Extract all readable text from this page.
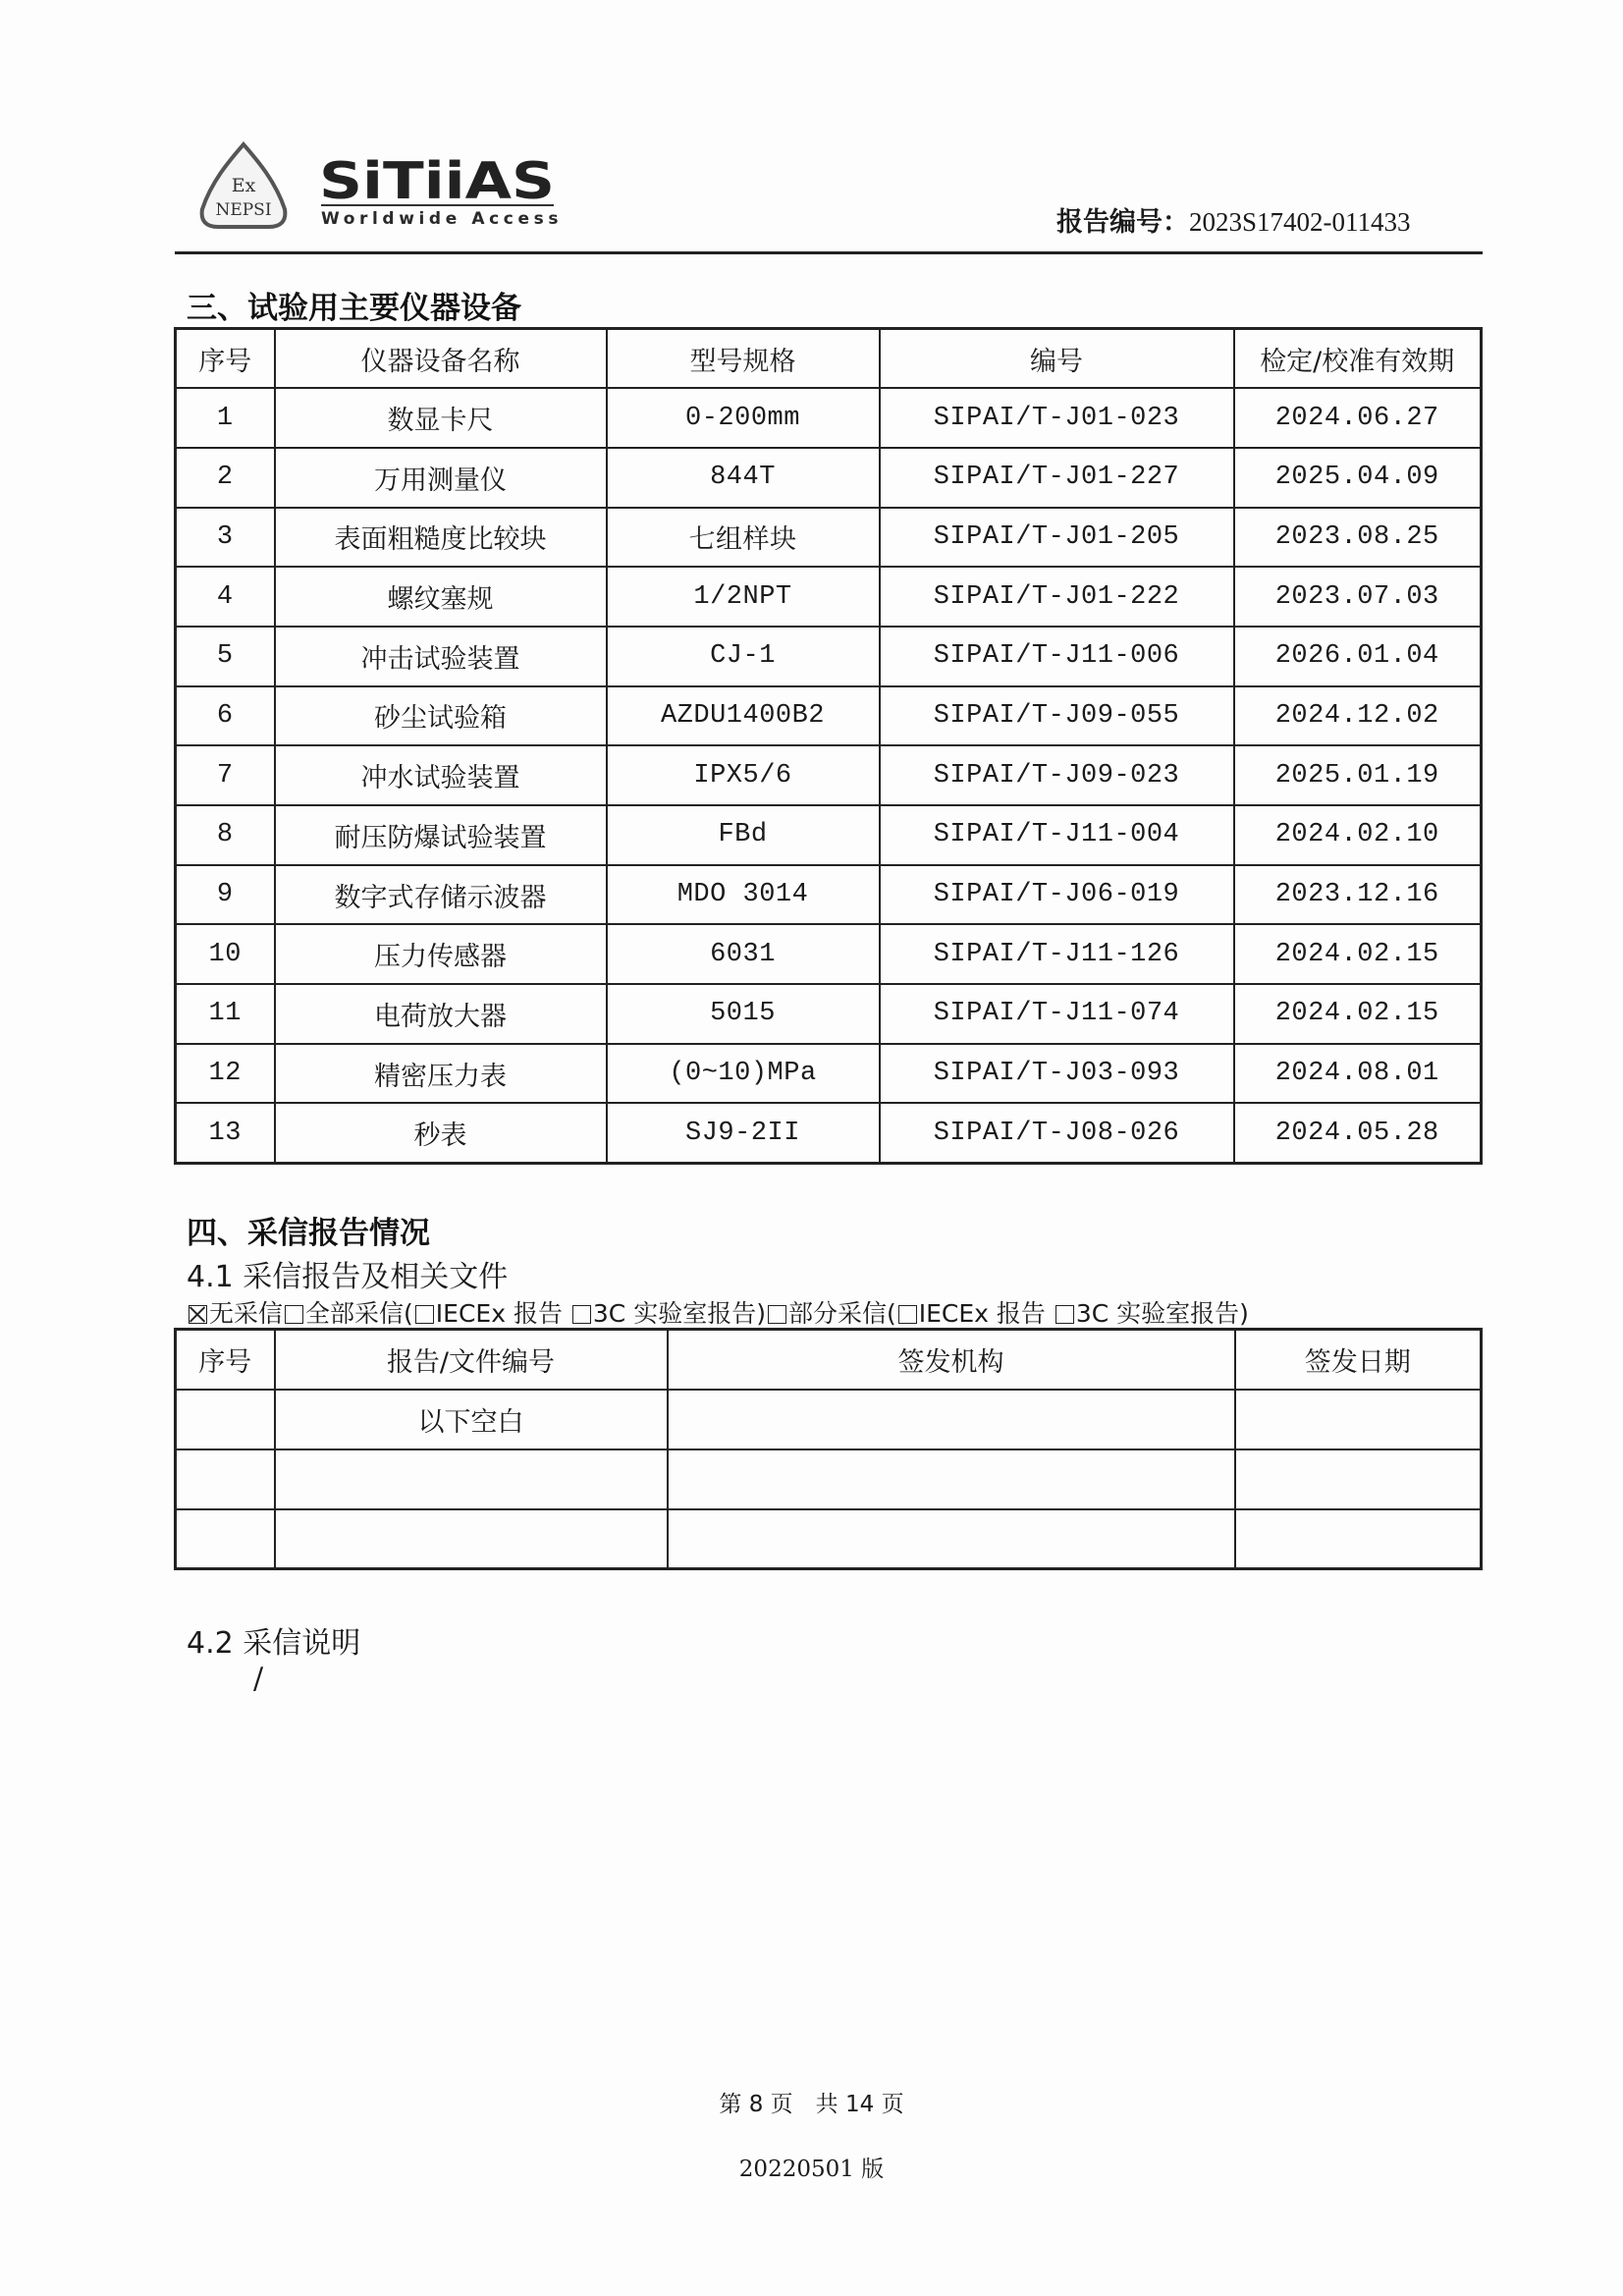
Ex
NEPSI SiTiiAS
Worldwide Access	报告编号：2023S17402-011433
三、试验用主要仪器设备
序号	仪器设备名称	型号规格	编号	检定/校准有效期
1	数显卡尺	0-200mm	SIPAI/T-J01-023	2024.06.27
2	万用测量仪	844T	SIPAI/T-J01-227	2025.04.09
3	表面粗糙度比较块	七组样块	SIPAI/T-J01-205	2023.08.25
4	螺纹塞规	1/2NPT	SIPAI/T-J01-222	2023.07.03
5	冲击试验装置	CJ-1	SIPAI/T-J11-006	2026.01.04
6	砂尘试验箱	AZDU1400B2	SIPAI/T-J09-055	2024.12.02
7	冲水试验装置	IPX5/6	SIPAI/T-J09-023	2025.01.19
8	耐压防爆试验装置	FBd	SIPAI/T-J11-004	2024.02.10
9	数字式存储示波器	MDO 3014	SIPAI/T-J06-019	2023.12.16
10	压力传感器	6031	SIPAI/T-J11-126	2024.02.15
11	电荷放大器	5015	SIPAI/T-J11-074	2024.02.15
12	精密压力表	(0~10)MPa	SIPAI/T-J03-093	2024.08.01
13	秒表	SJ9-2II	SIPAI/T-J08-026	2024.05.28
四、采信报告情况
4.1 采信报告及相关文件
无采信 全部采信( IECEx 报告 3C 实验室报告) 部分采信( IECEx 报告 3C 实验室报告)
序号	报告/文件编号	签发机构	签发日期
	以下空白		

4.2 采信说明
/
第 8 页　共 14 页
20220501 版
